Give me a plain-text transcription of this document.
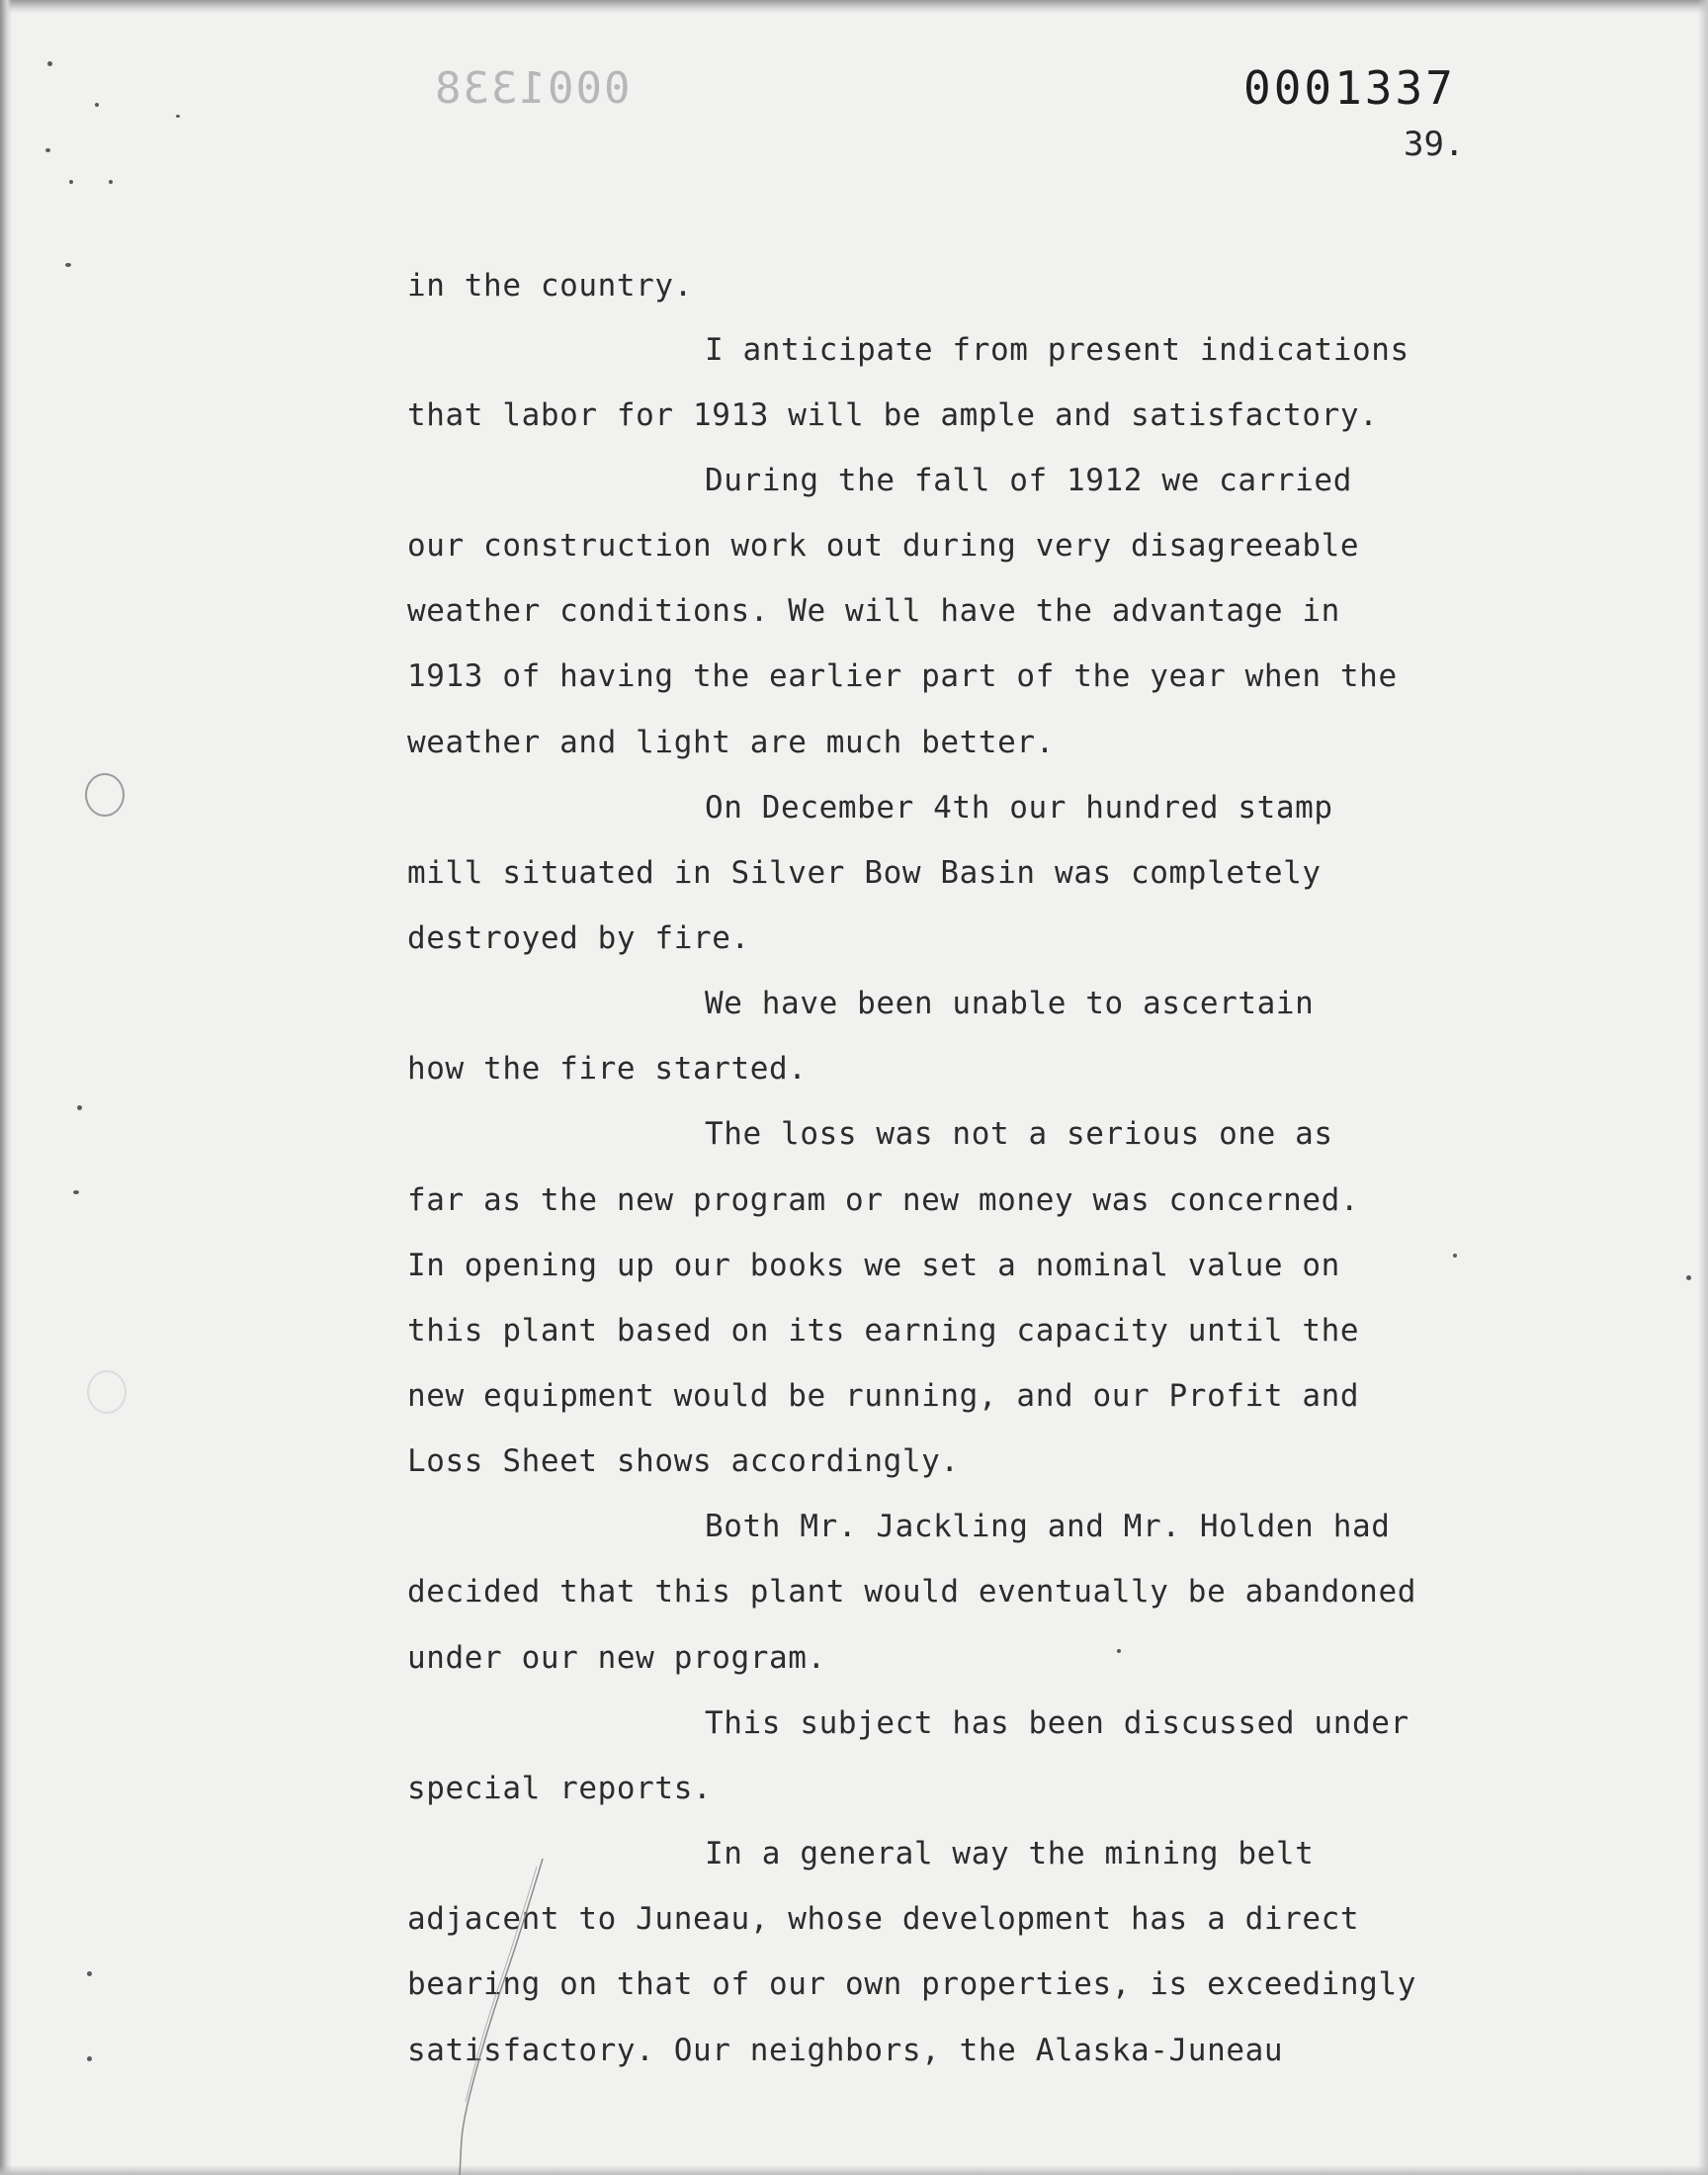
0001338	0001337
39.
in the country.
I anticipate from present indications
that labor for 1913 will be ample and satisfactory.
During the fall of 1912 we carried
our construction work out during very disagreeable
weather conditions. We will have the advantage in
1913 of having the earlier part of the year when the
weather and light are much better.
On December 4th our hundred stamp
mill situated in Silver Bow Basin was completely
destroyed by fire.
We have been unable to ascertain
how the fire started.
The loss was not a serious one as
far as the new program or new money was concerned.
In opening up our books we set a nominal value on
this plant based on its earning capacity until the
new equipment would be running, and our Profit and
Loss Sheet shows accordingly.
Both Mr. Jackling and Mr. Holden had
decided that this plant would eventually be abandoned
under our new program.
This subject has been discussed under
special reports.
In a general way the mining belt
adjacent to Juneau, whose development has a direct
bearing on that of our own properties, is exceedingly
satisfactory. Our neighbors, the Alaska-Juneau
